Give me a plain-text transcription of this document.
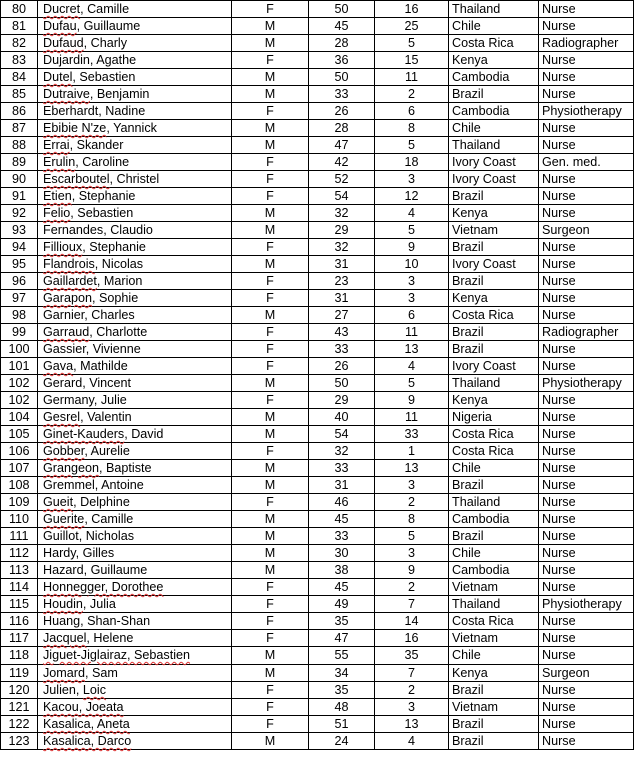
80	Ducret, Camille	F	50	16	Thailand	Nurse
81	Dufau, Guillaume	M	45	25	Chile	Nurse
82	Dufaud, Charly	M	28	5	Costa Rica	Radiographer
83	Dujardin, Agathe	F	36	15	Kenya	Nurse
84	Dutel, Sebastien	M	50	11	Cambodia	Nurse
85	Dutraive, Benjamin	M	33	2	Brazil	Nurse
86	Eberhardt, Nadine	F	26	6	Cambodia	Physiotherapy
87	Ebibie N'ze, Yannick	M	28	8	Chile	Nurse
88	Errai, Skander	M	47	5	Thailand	Nurse
89	Erulin, Caroline	F	42	18	Ivory Coast	Gen. med.
90	Escarboutel, Christel	F	52	3	Ivory Coast	Nurse
91	Etien, Stephanie	F	54	12	Brazil	Nurse
92	Felio, Sebastien	M	32	4	Kenya	Nurse
93	Fernandes, Claudio	M	29	5	Vietnam	Surgeon
94	Fillioux, Stephanie	F	32	9	Brazil	Nurse
95	Flandrois, Nicolas	M	31	10	Ivory Coast	Nurse
96	Gaillardet, Marion	F	23	3	Brazil	Nurse
97	Garapon, Sophie	F	31	3	Kenya	Nurse
98	Garnier, Charles	M	27	6	Costa Rica	Nurse
99	Garraud, Charlotte	F	43	11	Brazil	Radiographer
100	Gassier, Vivienne	F	33	13	Brazil	Nurse
101	Gava, Mathilde	F	26	4	Ivory Coast	Nurse
102	Gerard, Vincent	M	50	5	Thailand	Physiotherapy
102	Germany, Julie	F	29	9	Kenya	Nurse
104	Gesrel, Valentin	M	40	11	Nigeria	Nurse
105	Ginet-Kauders, David	M	54	33	Costa Rica	Nurse
106	Gobber, Aurelie	F	32	1	Costa Rica	Nurse
107	Grangeon, Baptiste	M	33	13	Chile	Nurse
108	Gremmel, Antoine	M	31	3	Brazil	Nurse
109	Gueit, Delphine	F	46	2	Thailand	Nurse
110	Guerite, Camille	M	45	8	Cambodia	Nurse
111	Guillot, Nicholas	M	33	5	Brazil	Nurse
112	Hardy, Gilles	M	30	3	Chile	Nurse
113	Hazard, Guillaume	M	38	9	Cambodia	Nurse
114	Honnegger, Dorothee	F	45	2	Vietnam	Nurse
115	Houdin, Julia	F	49	7	Thailand	Physiotherapy
116	Huang, Shan-Shan	F	35	14	Costa Rica	Nurse
117	Jacquel, Helene	F	47	16	Vietnam	Nurse
118	Jiguet-Jiglairaz, Sebastien	M	55	35	Chile	Nurse
119	Jomard, Sam	M	34	7	Kenya	Surgeon
120	Julien, Loic	F	35	2	Brazil	Nurse
121	Kacou, Joeata	F	48	3	Vietnam	Nurse
122	Kasalica, Aneta	F	51	13	Brazil	Nurse
123	Kasalica, Darco	M	24	4	Brazil	Nurse
